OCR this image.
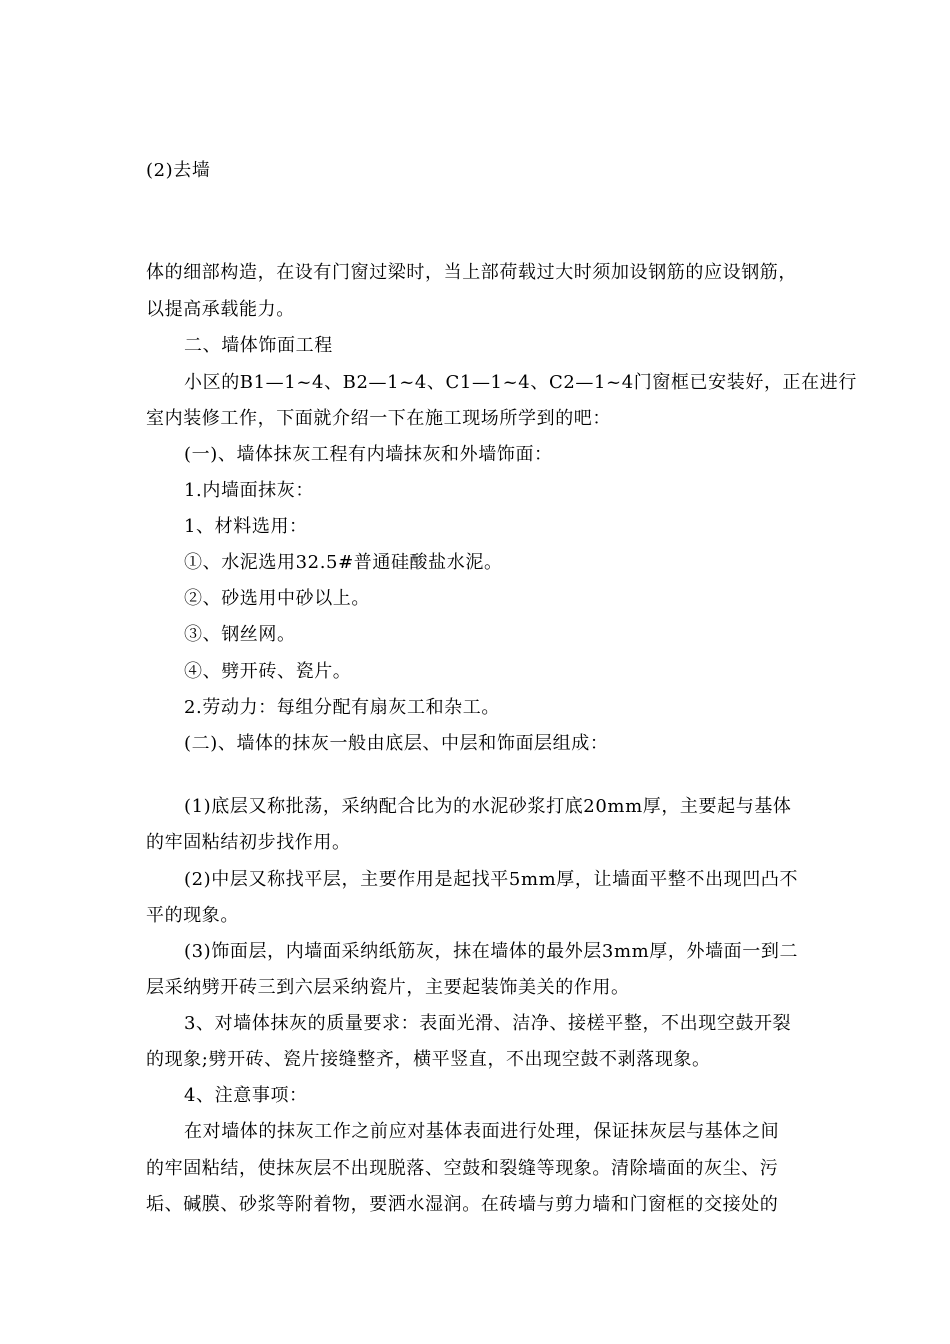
(2)去墙
体的细部构造，在设有门窗过梁时，当上部荷载过大时须加设钢筋的应设钢筋，
以提高承载能力。
二、墙体饰面工程
小区的B1—1~4、B2—1~4、C1—1~4、C2—1~4门窗框已安装好，正在进行
室内装修工作，下面就介绍一下在施工现场所学到的吧：
(一)、墙体抹灰工程有内墙抹灰和外墙饰面：
1.内墙面抹灰：
1、材料选用：
①、水泥选用32.5#普通硅酸盐水泥。
②、砂选用中砂以上。
③、钢丝网。
④、劈开砖、瓷片。
2.劳动力：每组分配有扇灰工和杂工。
(二)、墙体的抹灰一般由底层、中层和饰面层组成：
(1)底层又称批荡，采纳配合比为的水泥砂浆打底20mm厚，主要起与基体
的牢固粘结初步找作用。
(2)中层又称找平层，主要作用是起找平5mm厚，让墙面平整不出现凹凸不
平的现象。
(3)饰面层，内墙面采纳纸筋灰，抹在墙体的最外层3mm厚，外墙面一到二
层采纳劈开砖三到六层采纳瓷片，主要起装饰美关的作用。
3、对墙体抹灰的质量要求：表面光滑、洁净、接槎平整，不出现空鼓开裂
的现象;劈开砖、瓷片接缝整齐，横平竖直，不出现空鼓不剥落现象。
4、注意事项：
在对墙体的抹灰工作之前应对基体表面进行处理，保证抹灰层与基体之间
的牢固粘结，使抹灰层不出现脱落、空鼓和裂缝等现象。清除墙面的灰尘、污
垢、碱膜、砂浆等附着物，要洒水湿润。在砖墙与剪力墙和门窗框的交接处的
